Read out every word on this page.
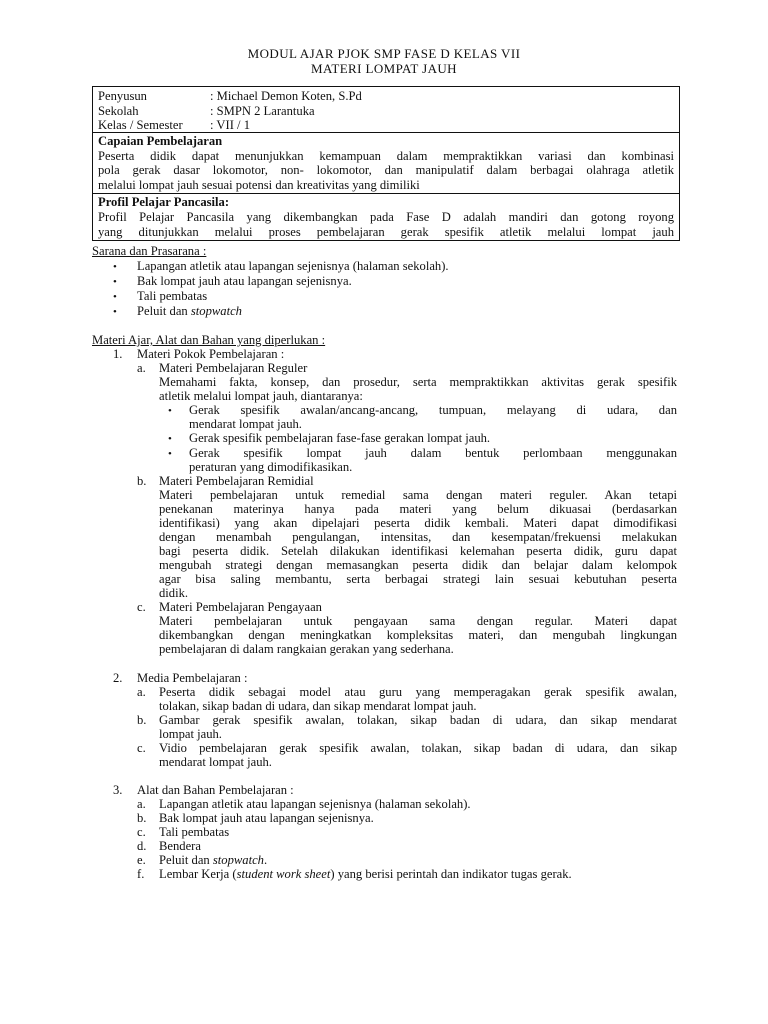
MODUL AJAR PJOK SMP FASE D KELAS VII
MATERI LOMPAT JAUH
Penyusun	: Michael Demon Koten, S.Pd
Sekolah	: SMPN 2 Larantuka
Kelas / Semester	: VII / 1
Capaian Pembelajaran
Peserta didik dapat menunjukkan kemampuan dalam mempraktikkan variasi dan kombinasi
pola gerak dasar lokomotor, non- lokomotor, dan manipulatif dalam berbagai olahraga atletik
melalui lompat jauh sesuai potensi dan kreativitas yang dimiliki
Profil Pelajar Pancasila:
Profil Pelajar Pancasila yang dikembangkan pada Fase D adalah mandiri dan gotong royong
yang ditunjukkan melalui proses pembelajaran gerak spesifik atletik melalui lompat jauh
Sarana dan Prasarana :
• Lapangan atletik atau lapangan sejenisnya (halaman sekolah).
• Bak lompat jauh atau lapangan sejenisnya.
• Tali pembatas
• Peluit dan stopwatch
Materi Ajar, Alat dan Bahan yang diperlukan :
1. Materi Pokok Pembelajaran :
a. Materi Pembelajaran Reguler
Memahami fakta, konsep, dan prosedur, serta mempraktikkan aktivitas gerak spesifik
atletik melalui lompat jauh, diantaranya:
• Gerak spesifik awalan/ancang-ancang, tumpuan, melayang di udara, dan
mendarat lompat jauh.
• Gerak spesifik pembelajaran fase-fase gerakan lompat jauh.
• Gerak spesifik lompat jauh dalam bentuk perlombaan menggunakan
peraturan yang dimodifikasikan.
b. Materi Pembelajaran Remidial
Materi pembelajaran untuk remedial sama dengan materi reguler. Akan tetapi
penekanan materinya hanya pada materi yang belum dikuasai (berdasarkan
identifikasi) yang akan dipelajari peserta didik kembali. Materi dapat dimodifikasi
dengan menambah pengulangan, intensitas, dan kesempatan/frekuensi melakukan
bagi peserta didik. Setelah dilakukan identifikasi kelemahan peserta didik, guru dapat
mengubah strategi dengan memasangkan peserta didik dan belajar dalam kelompok
agar bisa saling membantu, serta berbagai strategi lain sesuai kebutuhan peserta
didik.
c. Materi Pembelajaran Pengayaan
Materi pembelajaran untuk pengayaan sama dengan regular. Materi dapat
dikembangkan dengan meningkatkan kompleksitas materi, dan mengubah lingkungan
pembelajaran di dalam rangkaian gerakan yang sederhana.
2. Media Pembelajaran :
a. Peserta didik sebagai model atau guru yang memperagakan gerak spesifik awalan,
tolakan, sikap badan di udara, dan sikap mendarat lompat jauh.
b. Gambar gerak spesifik awalan, tolakan, sikap badan di udara, dan sikap mendarat
lompat jauh.
c. Vidio pembelajaran gerak spesifik awalan, tolakan, sikap badan di udara, dan sikap
mendarat lompat jauh.
3. Alat dan Bahan Pembelajaran :
a. Lapangan atletik atau lapangan sejenisnya (halaman sekolah).
b. Bak lompat jauh atau lapangan sejenisnya.
c. Tali pembatas
d. Bendera
e. Peluit dan stopwatch.
f. Lembar Kerja (student work sheet) yang berisi perintah dan indikator tugas gerak.
